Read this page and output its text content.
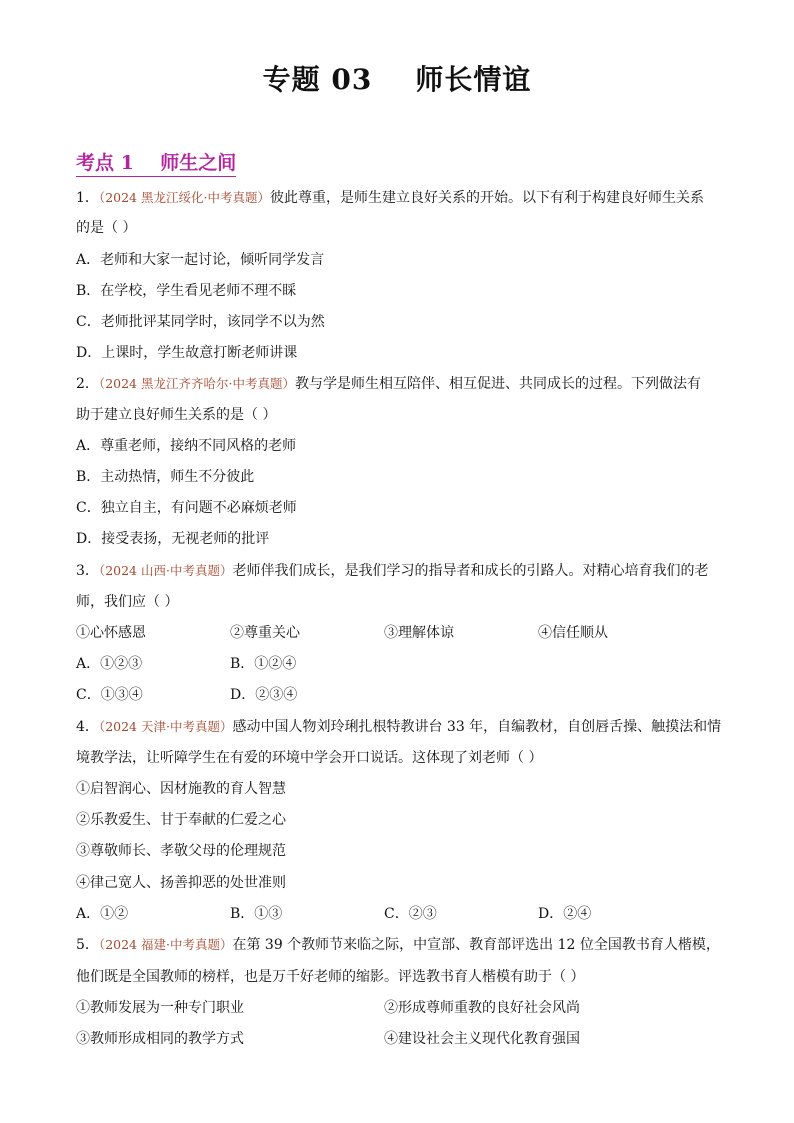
专题 03    师长情谊
考点 1    师生之间
1．（2024 黑龙江绥化·中考真题）彼此尊重，是师生建立良好关系的开始。以下有利于构建良好师生关系
的是（ ）
A．老师和大家一起讨论，倾听同学发言
B．在学校，学生看见老师不理不睬
C．老师批评某同学时，该同学不以为然
D．上课时，学生故意打断老师讲课
2．（2024 黑龙江齐齐哈尔·中考真题）教与学是师生相互陪伴、相互促进、共同成长的过程。下列做法有
助于建立良好师生关系的是（ ）
A．尊重老师，接纳不同风格的老师
B．主动热情，师生不分彼此
C．独立自主，有问题不必麻烦老师
D．接受表扬，无视老师的批评
3．（2024 山西·中考真题）老师伴我们成长，是我们学习的指导者和成长的引路人。对精心培育我们的老
师，我们应（ ）
①心怀感恩	②尊重关心	③理解体谅	④信任顺从
A．①②③	B．①②④
C．①③④	D．②③④
4．（2024 天津·中考真题）感动中国人物刘玲琍扎根特教讲台 33 年，自编教材，自创唇舌操、触摸法和情
境教学法，让听障学生在有爱的环境中学会开口说话。这体现了刘老师（ ）
①启智润心、因材施教的育人智慧
②乐教爱生、甘于奉献的仁爱之心
③尊敬师长、孝敬父母的伦理规范
④律己宽人、扬善抑恶的处世准则
A．①②	B．①③	C．②③	D．②④
5．（2024 福建·中考真题）在第 39 个教师节来临之际，中宣部、教育部评选出 12 位全国教书育人楷模，
他们既是全国教师的榜样，也是万千好老师的缩影。评选教书育人楷模有助于（ ）
①教师发展为一种专门职业	②形成尊师重教的良好社会风尚
③教师形成相同的教学方式	④建设社会主义现代化教育强国
